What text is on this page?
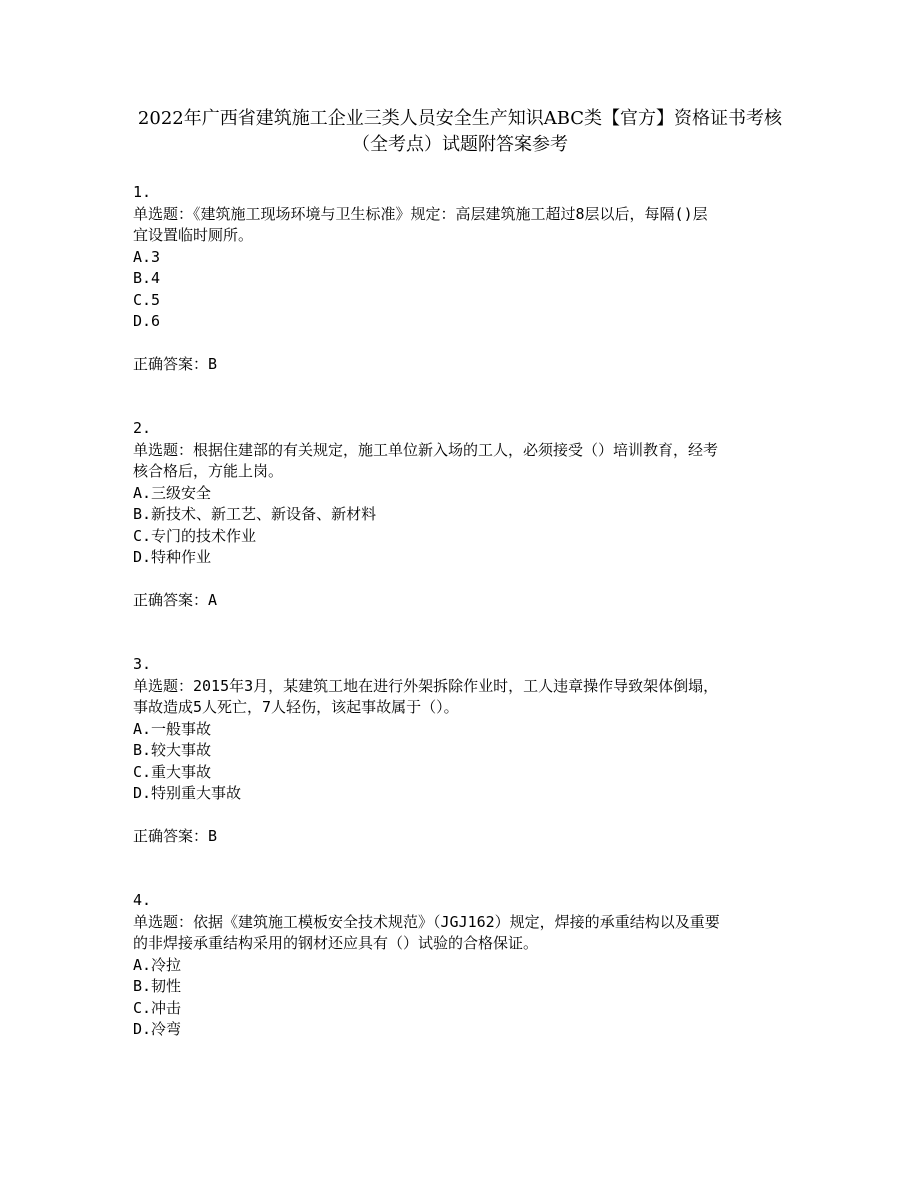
2022年广西省建筑施工企业三类人员安全生产知识ABC类【官方】资格证书考核
（全考点）试题附答案参考
1.
单选题：《建筑施工现场环境与卫生标准》规定：高层建筑施工超过8层以后，每隔()层
宜设置临时厕所。
A.3
B.4
C.5
D.6
正确答案：B
2.
单选题：根据住建部的有关规定，施工单位新入场的工人，必须接受（）培训教育，经考
核合格后，方能上岗。
A.三级安全
B.新技术、新工艺、新设备、新材料
C.专门的技术作业
D.特种作业
正确答案：A
3.
单选题：2015年3月，某建筑工地在进行外架拆除作业时，工人违章操作导致架体倒塌，
事故造成5人死亡，7人轻伤，该起事故属于（）。
A.一般事故
B.较大事故
C.重大事故
D.特别重大事故
正确答案：B
4.
单选题：依据《建筑施工模板安全技术规范》（JGJ162）规定，焊接的承重结构以及重要
的非焊接承重结构采用的钢材还应具有（）试验的合格保证。
A.冷拉
B.韧性
C.冲击
D.冷弯
